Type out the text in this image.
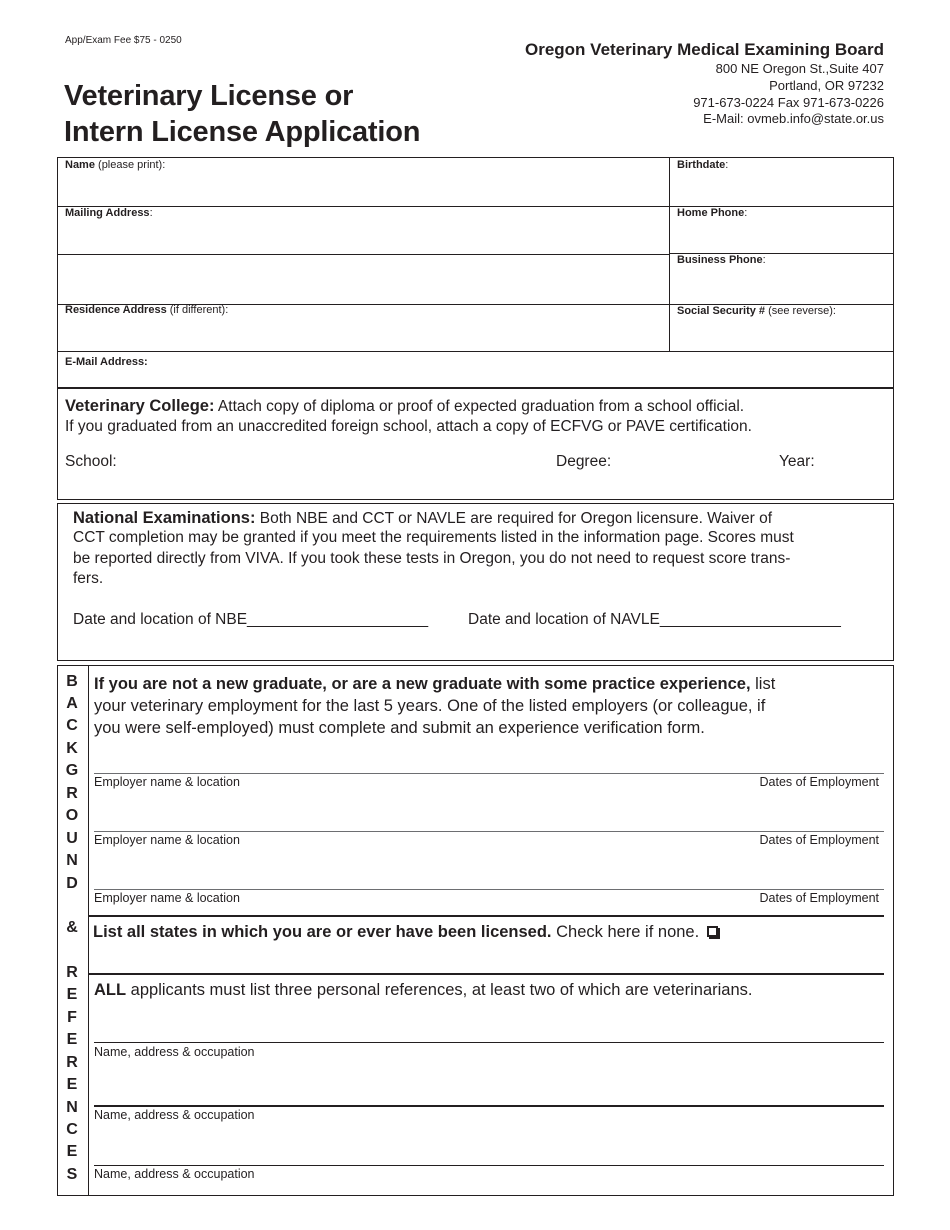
App/Exam Fee $75 - 0250	Oregon Veterinary Medical Examining Board
800 NE Oregon St.,Suite 407
Portland, OR 97232
971-673-0224 Fax 971-673-0226
E-Mail: ovmeb.info@state.or.us
Veterinary License or
Intern License Application
Name (please print):	Birthdate:
Mailing Address:	Home Phone:
Business Phone:
Residence Address (if different):	Social Security # (see reverse):
E-Mail Address:
Veterinary College: Attach copy of diploma or proof of expected graduation from a school official.
If you graduated from an unaccredited foreign school, attach a copy of ECFVG or PAVE certification.
School:	Degree:	Year:
National Examinations: Both NBE and CCT or NAVLE are required for Oregon licensure. Waiver of
CCT completion may be granted if you meet the requirements listed in the information page. Scores must
be reported directly from VIVA. If you took these tests in Oregon, you do not need to request score trans-
fers.
Date and location of NBE_____________________	Date and location of NAVLE_____________________
B
A
C
K
G
R
O
U
N
D
&
R
E
F
E
R
E
N
C
E
S
If you are not a new graduate, or are a new graduate with some practice experience, list
your veterinary employment for the last 5 years. One of the listed employers (or colleague, if
you were self-employed) must complete and submit an experience verification form.
Employer name & location	Dates of Employment
Employer name & location	Dates of Employment
Employer name & location	Dates of Employment
List all states in which you are or ever have been licensed. Check here if none.
ALL applicants must list three personal references, at least two of which are veterinarians.
Name, address & occupation
Name, address & occupation
Name, address & occupation
